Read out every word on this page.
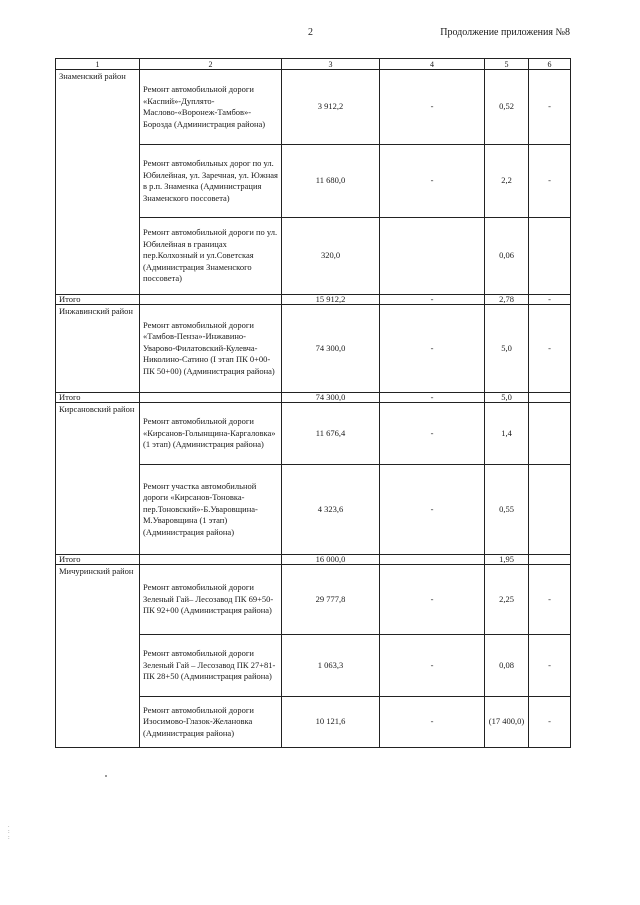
2	Продолжение приложения №8
1	2	3	4	5	6
Знаменский район	Ремонт автомобильной дороги «Каспий»-Дуплято-Маслово-«Воронеж-Тамбов»-Борозда (Администрация района)	3 912,2	-	0,52	-
	Ремонт автомобильных дорог по ул. Юбилейная, ул. Заречная, ул. Южная в р.п. Знаменка (Администрация Знаменского поссовета)	11 680,0	-	2,2	-
	Ремонт автомобильной дороги по ул. Юбилейная в границах пер.Колхозный и ул.Советская (Администрация Знаменского поссовета)	320,0		0,06	
Итого		15 912,2	-	2,78	-
Инжавинский район	Ремонт автомобильной дороги «Тамбов-Пенза»-Инжавино-Уварово-Филатовский-Кулевча-Николино-Сатино (I этап ПК 0+00-ПК 50+00) (Администрация района)	74 300,0	-	5,0	-
Итого		74 300,0	-	5,0	
Кирсановский район	Ремонт автомобильной дороги «Кирсанов-Голынщина-Каргаловка» (1 этап) (Администрация района)	11 676,4	-	1,4	
	Ремонт участка автомобильной дороги «Кирсанов-Тоновка-пер.Тоновский»-Б.Уваровщина-М.Уваровщина (1 этап) (Администрация района)	4 323,6	-	0,55	
Итого		16 000,0		1,95	
Мичуринский район	Ремонт автомобильной дороги Зеленый Гай– Лесозавод ПК 69+50-ПК 92+00 (Администрация района)	29 777,8	-	2,25	-
	Ремонт автомобильной дороги Зеленый Гай – Лесозавод ПК 27+81-ПК 28+50 (Администрация района)	1 063,3	-	0,08	-
	Ремонт автомобильной дороги Изосимово-Глазок-Желановка (Администрация района)	10 121,6	-	(17 400,0)	-
.
:
:
